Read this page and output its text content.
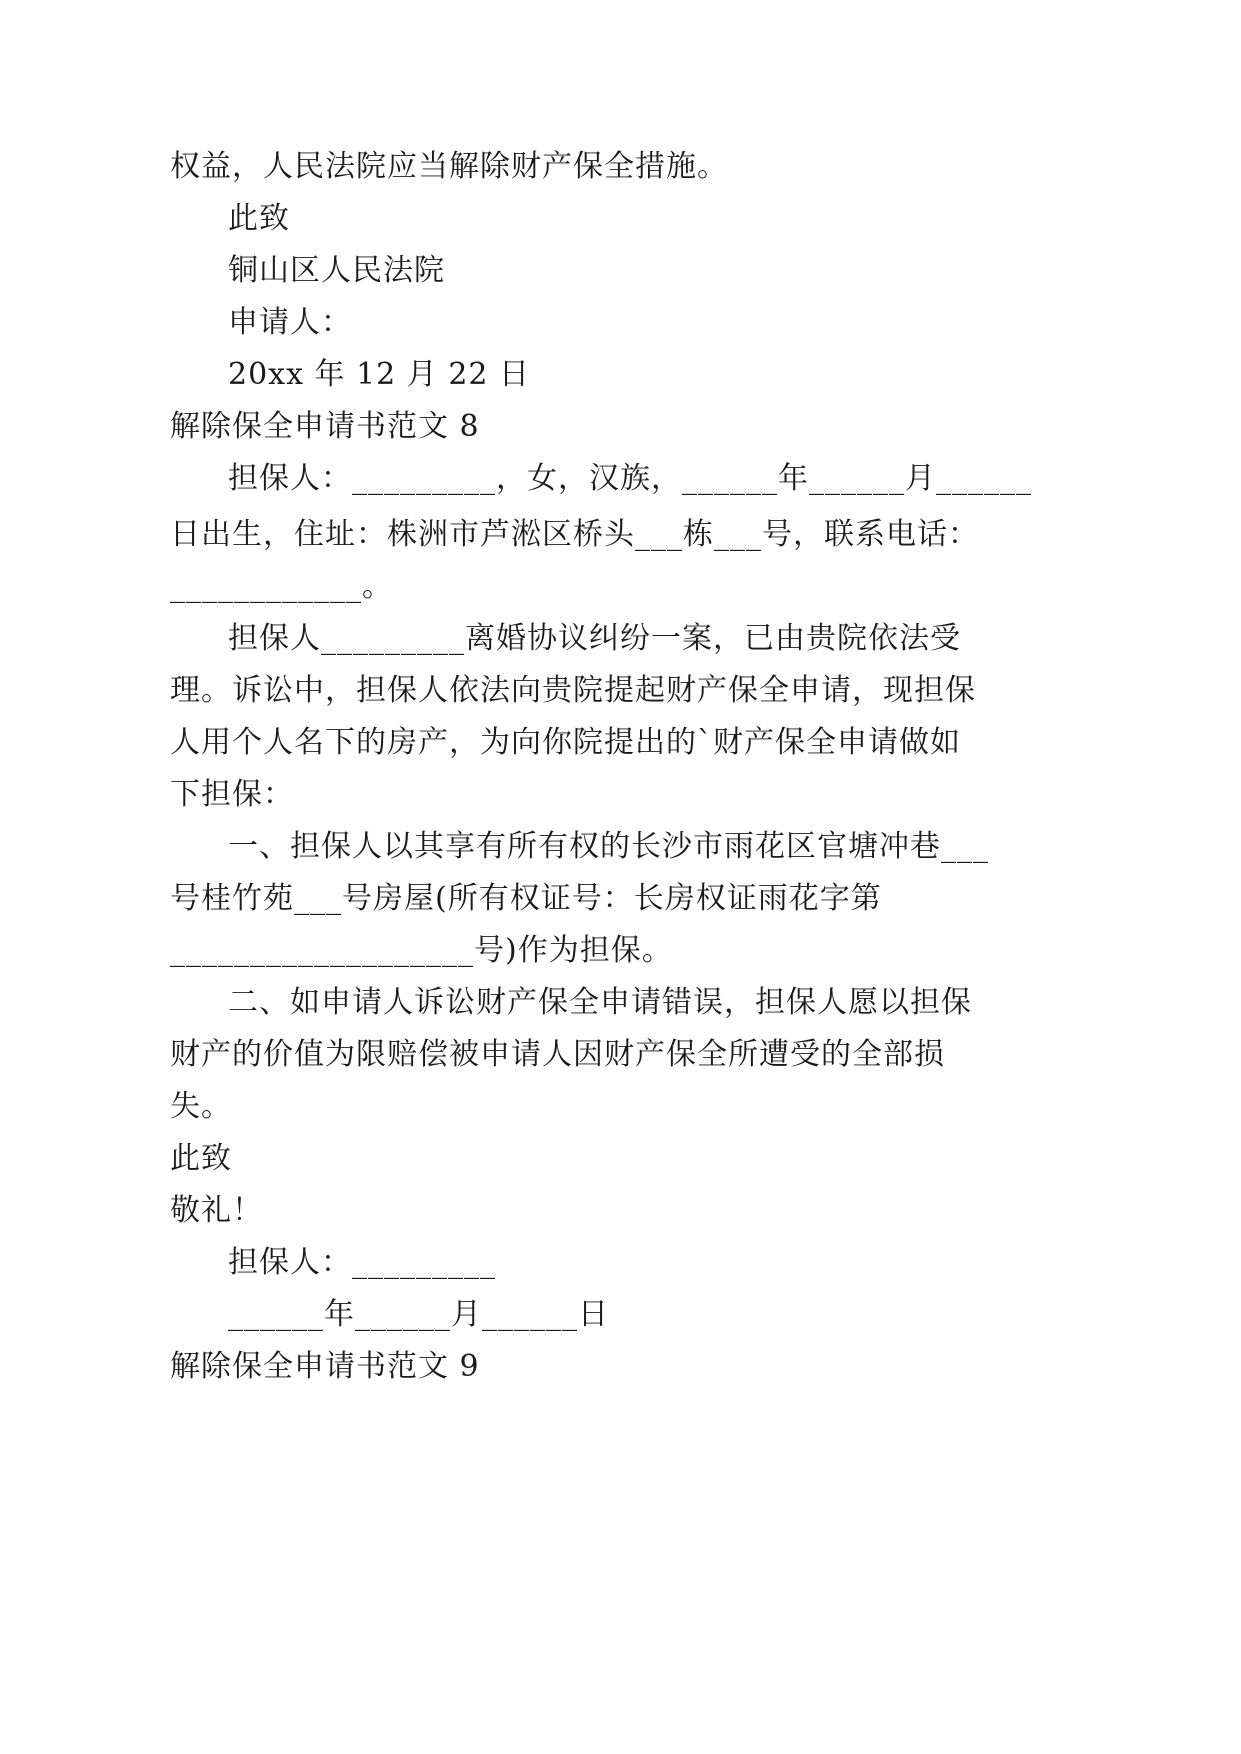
权益，人民法院应当解除财产保全措施。
此致
铜山区人民法院
申请人：
20xx 年 12 月 22 日
解除保全申请书范文 8
担保人：_________，女，汉族，______年______月______
日出生，住址：株洲市芦淞区桥头___栋___号，联系电话：
____________。
担保人_________离婚协议纠纷一案，已由贵院依法受
理。诉讼中，担保人依法向贵院提起财产保全申请，现担保
人用个人名下的房产，为向你院提出的`财产保全申请做如
下担保：
一、担保人以其享有所有权的长沙市雨花区官塘冲巷___
号桂竹苑___号房屋(所有权证号：长房权证雨花字第
___________________号)作为担保。
二、如申请人诉讼财产保全申请错误，担保人愿以担保
财产的价值为限赔偿被申请人因财产保全所遭受的全部损
失。
此致
敬礼！
担保人：_________
______年______月______日
解除保全申请书范文 9
